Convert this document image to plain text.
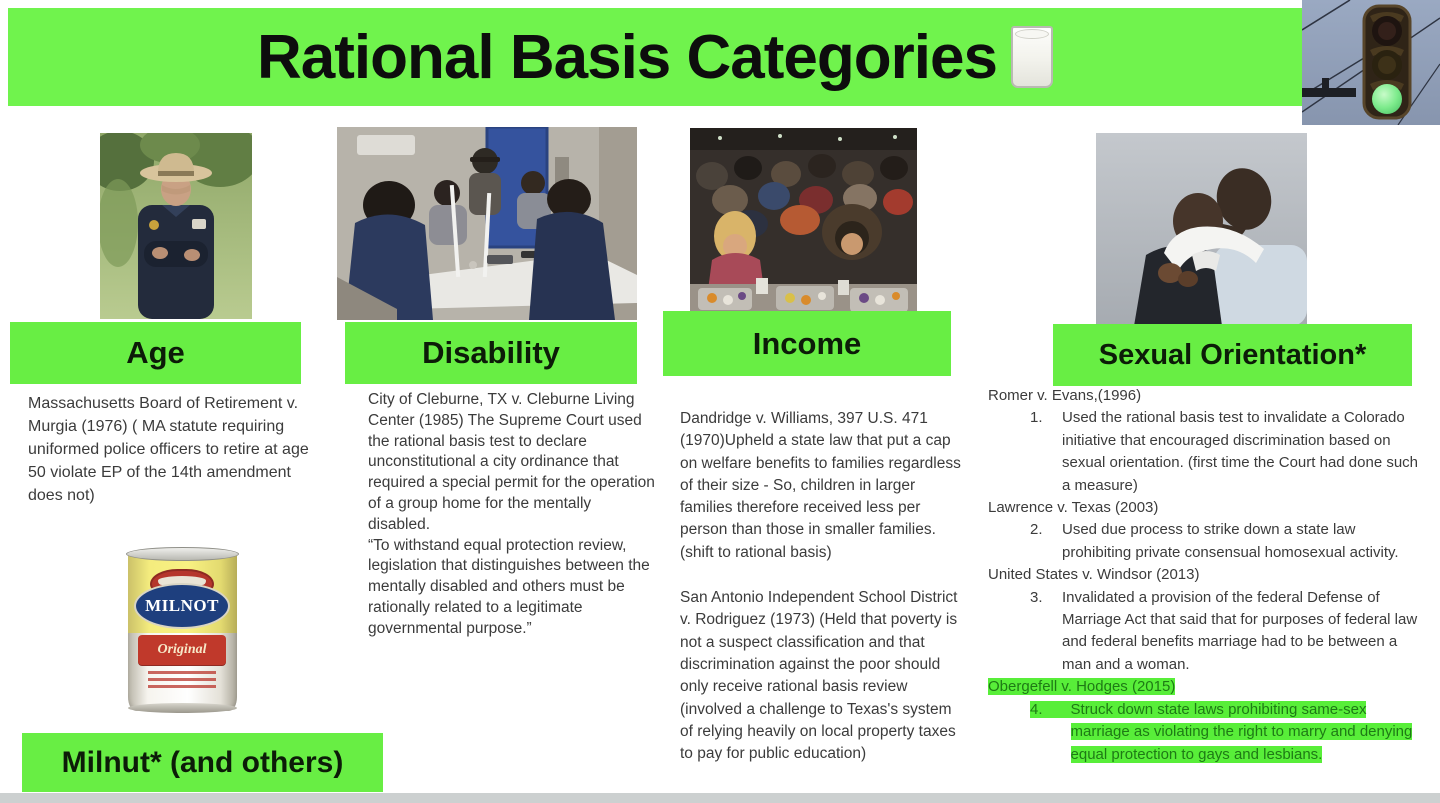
Rational Basis Categories
Age

Massachusetts Board of Retirement v. Murgia (1976) ( MA statute requiring uniformed police officers to retire at age 50 violate EP of the 14th amendment does not)

MILNOT
Original
Milnut* (and others)
Disability

City of Cleburne, TX v. Cleburne Living Center (1985) The Supreme Court used the rational basis test to declare unconstitutional a city ordinance that required a special permit for the operation of a group home for the mentally disabled.

“To withstand equal protection review, legislation that distinguishes between the mentally disabled and others must be rationally related to a legitimate governmental purpose.”

Income

Dandridge v. Williams, 397 U.S. 471 (1970)Upheld a state law that put a cap on welfare benefits to families regardless of their size - So, children in larger families therefore received less per person than those in smaller families. (shift to rational basis)

San Antonio Independent School District v. Rodriguez (1973) (Held that poverty is not a suspect classification and that discrimination against the poor should only receive rational basis review (involved a challenge to Texas's system of relying heavily on local property taxes to pay for public education)

Sexual Orientation*
Romer v. Evans,(1996)
1.	Used the rational basis test to invalidate a Colorado initiative that encouraged discrimination based on sexual orientation. (first time the Court had done such a measure)
Lawrence v. Texas (2003)
2.	Used due process to strike down a state law prohibiting private consensual homosexual activity.
United States v. Windsor (2013)
3.	Invalidated a provision of the federal Defense of Marriage Act that said that for purposes of federal law and federal benefits marriage had to be between a man and a woman.
Obergefell v. Hodges (2015)
4.	Struck down state laws prohibiting same-sex marriage as violating the right to marry and denying equal protection to gays and lesbians.
